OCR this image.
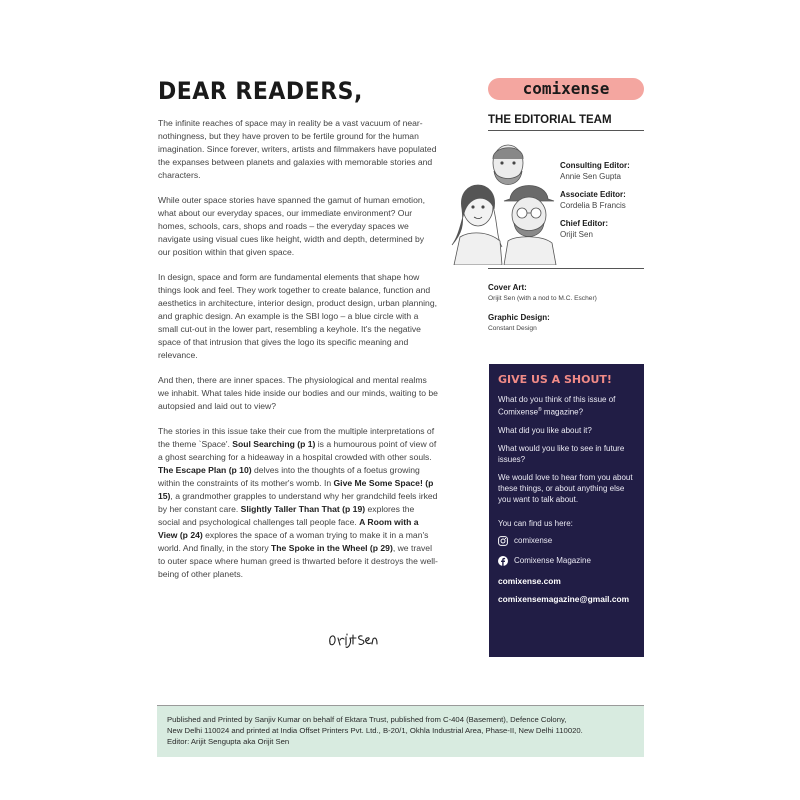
DEAR READERS,

The infinite reaches of space may in reality be a vast vacuum of near-nothingness, but they have proven to be fertile ground for the human imagination. Since forever, writers, artists and filmmakers have populated the expanses between planets and galaxies with memorable stories and characters.

While outer space stories have spanned the gamut of human emotion, what about our everyday spaces, our immediate environment? Our homes, schools, cars, shops and roads – the everyday spaces we navigate using visual cues like height, width and depth, determined by our position within that given space.

In design, space and form are fundamental elements that shape how things look and feel. They work together to create balance, function and aesthetics in architecture, interior design, product design, urban planning, and graphic design. An example is the SBI logo – a blue circle with a small cut-out in the lower part, resembling a keyhole. It's the negative space of that intrusion that gives the logo its specific meaning and relevance.

And then, there are inner spaces. The physiological and mental realms we inhabit. What tales hide inside our bodies and our minds, waiting to be autopsied and laid out to view?

The stories in this issue take their cue from the multiple interpretations of the theme `Space'. Soul Searching (p 1) is a humourous point of view of a ghost searching for a hideaway in a hospital crowded with other souls. The Escape Plan (p 10) delves into the thoughts of a foetus growing within the constraints of its mother's womb. In Give Me Some Space! (p 15), a grandmother grapples to understand why her grandchild feels irked by her constant care. Slightly Taller Than That (p 19) explores the social and psychological challenges tall people face. A Room with a View (p 24) explores the space of a woman trying to make it in a man's world. And finally, in the story The Spoke in the Wheel (p 29), we travel to outer space where human greed is thwarted before it destroys the well-being of other planets.

comixense
THE EDITORIAL TEAM
Consulting Editor:
Annie Sen Gupta
Associate Editor:
Cordelia B Francis
Chief Editor:
Orijit Sen
Cover Art:
Orijit Sen (with a nod to M.C. Escher)
Graphic Design:
Constant Design
GIVE US A SHOUT!

What do you think of this issue of Comixense® magazine?

What did you like about it?

What would you like to see in future issues?

We would love to hear from you about these things, or about anything else you want to talk about.

You can find us here:

comixense
Comixense Magazine
comixense.com
comixensemagazine@gmail.com
Published and Printed by Sanjiv Kumar on behalf of Ektara Trust, published from C-404 (Basement), Defence Colony,
New Delhi 110024 and printed at India Offset Printers Pvt. Ltd., B-20/1, Okhla Industrial Area, Phase-II, New Delhi 110020.
Editor: Arijit Sengupta aka Orijit Sen
